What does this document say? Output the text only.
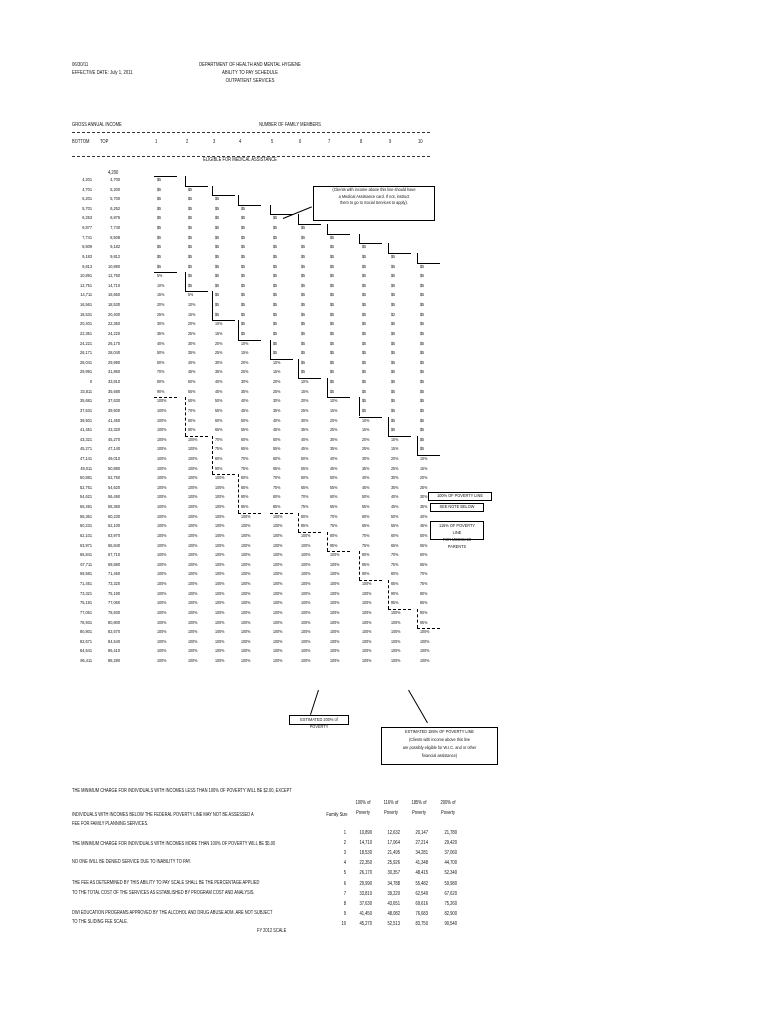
06/30/11
EFFECTIVE DATE: July 1, 2011
DEPARTMENT OF HEALTH AND MENTAL HYGIENE
ABILITY TO PAY SCHEDULE
OUTPATIENT SERVICES
GROSS ANNUAL INCOME	NUMBER OF FAMILY MEMBERS
BOTTOM TOP	1	2	3	4	5	6	7	8	9	10
ELIGIBLE FOR MEDICAL ASSISTANCE
4,200
4,201	4,700	$5
4,701	5,200	$5	$5
5,201	5,700	$5	$5	$5
5,701	6,252	$5	$5	$5	$5
6,253	6,876	$5	$5	$5	$5	$5
6,877	7,740	$5	$5	$5	$5	$5	$5
7,741	8,508	$5	$5	$5	$5	$5	$5	$5
8,509	9,182	$5	$5	$5	$5	$5	$5	$5	$5
9,183	9,812	$5	$5	$5	$5	$5	$5	$5	$5	$5
9,813	10,890	$5	$5	$5	$5	$5	$5	$5	$5	$5	$5
10,891	12,750	5%	$5	$5	$5	$5	$5	$5	$5	$5	$5
12,751	14,710	10%	$5	$5	$5	$5	$5	$5	$5	$5	$5
14,711	16,560	15%	5%	$5	$5	$5	$5	$5	$5	$5	$5
16,561	18,530	20%	10%	$5	$5	$5	$5	$5	$5	$5	$5
18,531	20,400	25%	15%	$5	$5	$5	$5	$5	$5	$2	$5
20,401	22,350	30%	20%	10%	$5	$5	$5	$5	$5	$5	$5
22,351	24,220	35%	25%	15%	$5	$5	$5	$5	$5	$5	$5
24,221	26,170	40%	30%	20%	10%	$5	$5	$5	$5	$5	$5
26,171	28,040	50%	35%	25%	15%	$5	$5	$5	$5	$5	$5
28,041	29,990	60%	40%	30%	20%	10%	$5	$5	$5	$5	$5
29,991	31,860	70%	45%	35%	25%	15%	$5	$5	$5	$5	$5
0	33,810	80%	50%	40%	30%	20%	10%	$5	$5	$5	$5
33,811	35,680	90%	55%	45%	35%	25%	15%	$5	$5	$5	$5
35,681	37,630	100%	60%	50%	40%	30%	20%	10%	$5	$5	$5
37,631	39,500	100%	70%	55%	45%	35%	25%	15%	$5	$5	$5
39,501	41,450	100%	80%	60%	50%	40%	30%	20%	10%	$5	$5
41,451	43,320	100%	90%	65%	55%	45%	35%	25%	15%	$5	$5
43,321	45,270	100%	100%	70%	60%	50%	40%	30%	20%	10%	$5
45,271	47,140	100%	100%	75%	65%	55%	45%	35%	25%	15%	$5
47,141	49,010	100%	100%	80%	70%	60%	50%	40%	30%	20%	10%
49,011	50,880	100%	100%	90%	75%	65%	55%	45%	35%	25%	15%
50,881	52,750	100%	100%	100%	80%	70%	60%	50%	40%	30%	20%
52,751	54,620	100%	100%	100%	85%	75%	65%	55%	45%	35%	25%
54,621	56,490	100%	100%	100%	90%	80%	70%	60%	50%	40%	30%
56,491	58,360	100%	100%	100%	95%	85%	75%	65%	55%	45%	35%
58,361	60,230	100%	100%	100%	100%	100%	80%	70%	60%	50%	40%
60,231	62,100	100%	100%	100%	100%	100%	85%	75%	65%	55%	45%
62,101	63,970	100%	100%	100%	100%	100%	100%	80%	70%	60%	50%
63,971	65,840	100%	100%	100%	100%	100%	100%	95%	75%	65%	55%
65,841	67,710	100%	100%	100%	100%	100%	100%	100%	80%	70%	60%
67,711	69,580	100%	100%	100%	100%	100%	100%	100%	85%	75%	65%
69,581	71,450	100%	100%	100%	100%	100%	100%	100%	90%	80%	70%
71,451	73,320	100%	100%	100%	100%	100%	100%	100%	100%	85%	75%
73,321	75,190	100%	100%	100%	100%	100%	100%	100%	100%	90%	80%
75,191	77,060	100%	100%	100%	100%	100%	100%	100%	100%	95%	85%
77,061	78,930	100%	100%	100%	100%	100%	100%	100%	100%	100%	90%
78,931	80,800	100%	100%	100%	100%	100%	100%	100%	100%	100%	95%
80,801	82,670	100%	100%	100%	100%	100%	100%	100%	100%	100%	100%
82,671	84,540	100%	100%	100%	100%	100%	100%	100%	100%	100%	100%
84,541	86,410	100%	100%	100%	100%	100%	100%	100%	100%	100%	100%
86,411	88,280	100%	100%	100%	100%	100%	100%	100%	100%	100%	100%
(Clients with income above this line should have
a Medical Assistance card. If not, instruct
them to go to Social Services to apply).
100% OF POVERTY LINE
SEE NOTE BELOW
116% OF POVERTY LINE
FOR MEDICAID PARENTS
ESTIMATED 200% of POVERTY
ESTIMATED 185% OF POVERTY LINE
(Clients with income above this line
are possibly eligible for W.I.C. and or other
financial assistance)
THE MINIMUM CHARGE FOR INDIVIDUALS WITH INCOMES LESS THAN 100% OF POVERTY WILL BE $2.00, EXCEPT
INDIVIDUALS WITH INCOMES BELOW THE FEDERAL POVERTY LINE MAY NOT BE ASSESSED A
FEE FOR FAMILY PLANNING SERVICES.
THE MINIMUM CHARGE FOR INDIVIDUALS WITH INCOMES MORE THAN 100% OF POVERTY WILL BE $5.00
NO ONE WILL BE DENIED SERVICE DUE TO INABILITY TO PAY.
THE FEE AS DETERMINED BY THIS ABILITY TO PAY SCALE SHALL BE THE PERCENTAGE APPLIED
TO THE TOTAL COST OF THE SERVICES AS ESTABLISHED BY PROGRAM COST AND ANALYSIS.
DWI EDUCATION PROGRAMS APPROVED BY THE ALCOHOL AND DRUG ABUSE ADM. ARE NOT SUBJECT
TO THE SLIDING FEE SCALE.
FY 2012 SCALE
Family Size
100% of
Poverty
116% of
Poverty
185% of
Poverty
200% of
Poverty
1	10,890	12,632	20,147	21,780
2	14,710	17,064	27,214	29,420
3	18,530	21,495	34,281	37,060
4	22,350	25,926	41,348	44,700
5	26,170	30,357	48,415	52,340
6	29,990	34,788	55,482	59,980
7	33,810	39,220	62,549	67,620
8	37,630	43,651	69,616	75,260
9	41,450	48,082	76,683	82,900
10	45,270	52,513	83,750	90,540
